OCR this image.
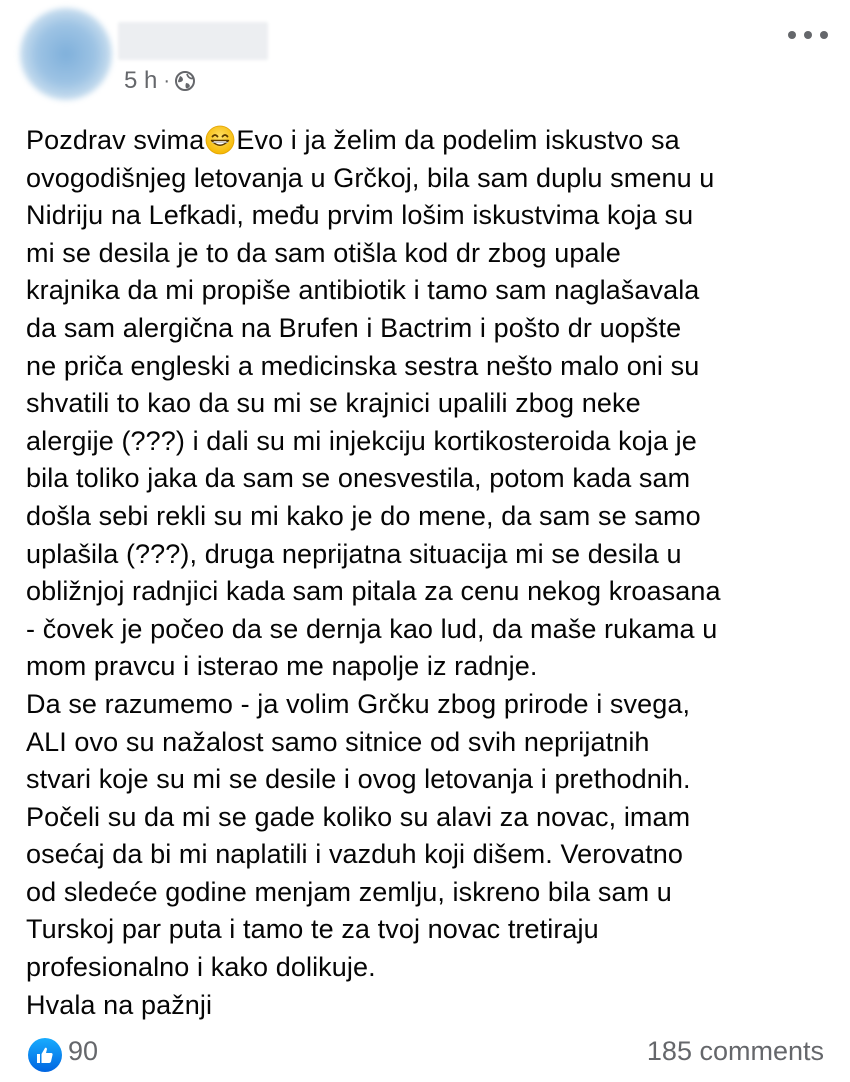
5 h ·
Pozdrav svima Evo i ja želim da podelim iskustvo sa
ovogodišnjeg letovanja u Grčkoj, bila sam duplu smenu u
Nidriju na Lefkadi, među prvim lošim iskustvima koja su
mi se desila je to da sam otišla kod dr zbog upale
krajnika da mi propiše antibiotik i tamo sam naglašavala
da sam alergična na Brufen i Bactrim i pošto dr uopšte
ne priča engleski a medicinska sestra nešto malo oni su
shvatili to kao da su mi se krajnici upalili zbog neke
alergije (???) i dali su mi injekciju kortikosteroida koja je
bila toliko jaka da sam se onesvestila, potom kada sam
došla sebi rekli su mi kako je do mene, da sam se samo
uplašila (???), druga neprijatna situacija mi se desila u
obližnjoj radnjici kada sam pitala za cenu nekog kroasana
- čovek je počeo da se dernja kao lud, da maše rukama u
mom pravcu i isterao me napolje iz radnje.
Da se razumemo - ja volim Grčku zbog prirode i svega,
ALI ovo su nažalost samo sitnice od svih neprijatnih
stvari koje su mi se desile i ovog letovanja i prethodnih.
Počeli su da mi se gade koliko su alavi za novac, imam
osećaj da bi mi naplatili i vazduh koji dišem. Verovatno
od sledeće godine menjam zemlju, iskreno bila sam u
Turskoj par puta i tamo te za tvoj novac tretiraju
profesionalno i kako dolikuje.
Hvala na pažnji
90	185 comments
